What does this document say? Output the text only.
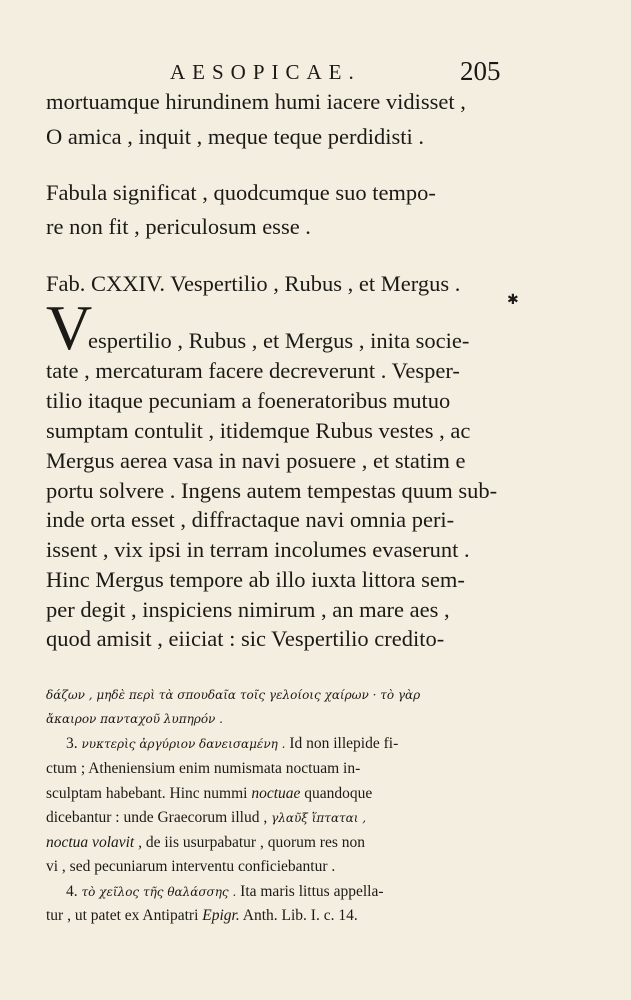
AESOPICAE.	205
mortuamque hirundinem humi iacere vidisset ,
O amica , inquit , meque teque perdidisti .
Fabula significat , quodcumque suo tempo-
re non fit , periculosum esse .
Fab. CXXIV. Vespertilio , Rubus , et Mergus .
✱
V
espertilio , Rubus , et Mergus , inita socie-
tate , mercaturam facere decreverunt . Vesper-
tilio itaque pecuniam a foeneratoribus mutuo
sumptam contulit , itidemque Rubus vestes , ac
Mergus aerea vasa in navi posuere , et statim e
portu solvere . Ingens autem tempestas quum sub-
inde orta esset , diffractaque navi omnia peri-
issent , vix ipsi in terram incolumes evaserunt .
Hinc Mergus tempore ab illo iuxta littora sem-
per degit , inspiciens nimirum , an mare aes ,
quod amisit , eiiciat : sic Vespertilio credito-
δάζων , μηδὲ περὶ τὰ σπουδαῖα τοῖς γελοίοις χαίρων · τὸ γὰρ
ἄκαιρον πανταχοῦ λυπηρόν .
3. νυκτερὶς ἀργύριον δανεισαμένη . Id non illepide fi-
ctum ; Atheniensium enim numismata noctuam in-
sculptam habebant. Hinc nummi noctuae quandoque
dicebantur : unde Graecorum illud , γλαῦξ ἵπταται ,
noctua volavit , de iis usurpabatur , quorum res non
vi , sed pecuniarum interventu conficiebantur .
4. τὸ χεῖλος τῆς θαλάσσης . Ita maris littus appella-
tur , ut patet ex Antipatri Epigr. Anth. Lib. I. c. 14.
